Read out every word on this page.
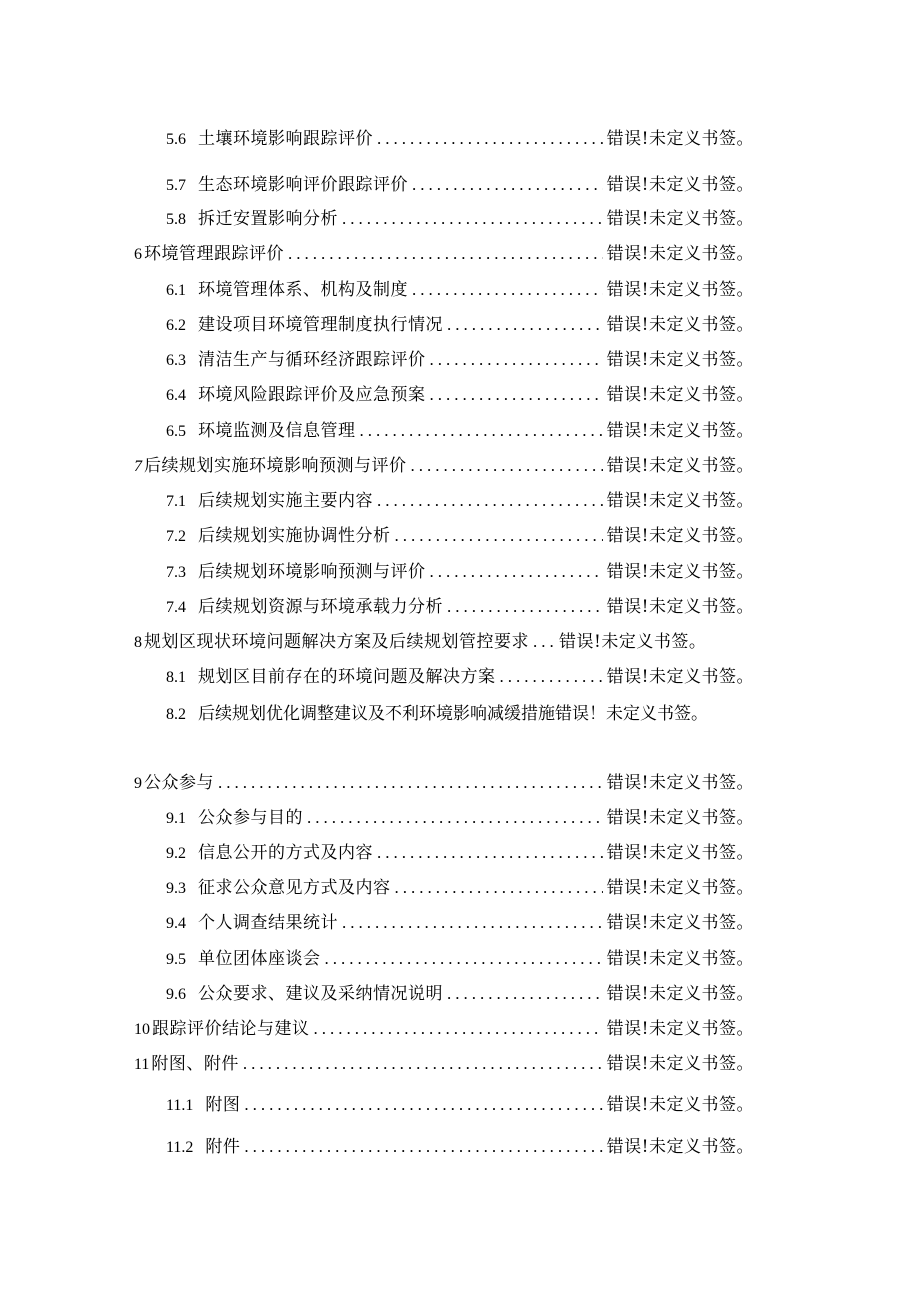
5.6 土壤环境影响跟踪评价 .....	错误!未定义书签。
5.7 生态环境影响评价跟踪评价 .....	错误!未定义书签。
5.8 拆迁安置影响分析 .....	错误!未定义书签。
6 环境管理跟踪评价 .....	错误!未定义书签。
6.1 环境管理体系、机构及制度 .....	错误!未定义书签。
6.2 建设项目环境管理制度执行情况 .....	错误!未定义书签。
6.3 清洁生产与循环经济跟踪评价 .....	错误!未定义书签。
6.4 环境风险跟踪评价及应急预案 .....	错误!未定义书签。
6.5 环境监测及信息管理 .....	错误!未定义书签。
7 后续规划实施环境影响预测与评价 .....	错误!未定义书签。
7.1 后续规划实施主要内容 .....	错误!未定义书签。
7.2 后续规划实施协调性分析 .....	错误!未定义书签。
7.3 后续规划环境影响预测与评价 .....	错误!未定义书签。
7.4 后续规划资源与环境承载力分析 .....	错误!未定义书签。
8 规划区现状环境问题解决方案及后续规划管控要求 ..... 错误!未定义书签。
8.1 规划区目前存在的环境问题及解决方案 .....	错误!未定义书签。
8.2 后续规划优化调整建议及不利环境影响减缓措施错误！未定义书签。
9 公众参与 .....	错误!未定义书签。
9.1 公众参与目的 .....	错误!未定义书签。
9.2 信息公开的方式及内容 .....	错误!未定义书签。
9.3 征求公众意见方式及内容 .....	错误!未定义书签。
9.4 个人调查结果统计 .....	错误!未定义书签。
9.5 单位团体座谈会 .....	错误!未定义书签。
9.6 公众要求、建议及采纳情况说明 .....	错误!未定义书签。
10 跟踪评价结论与建议 .....	错误!未定义书签。
11 附图、附件 .....	错误!未定义书签。
11.1 附图 .....	错误!未定义书签。
11.2 附件 .....	错误!未定义书签。
